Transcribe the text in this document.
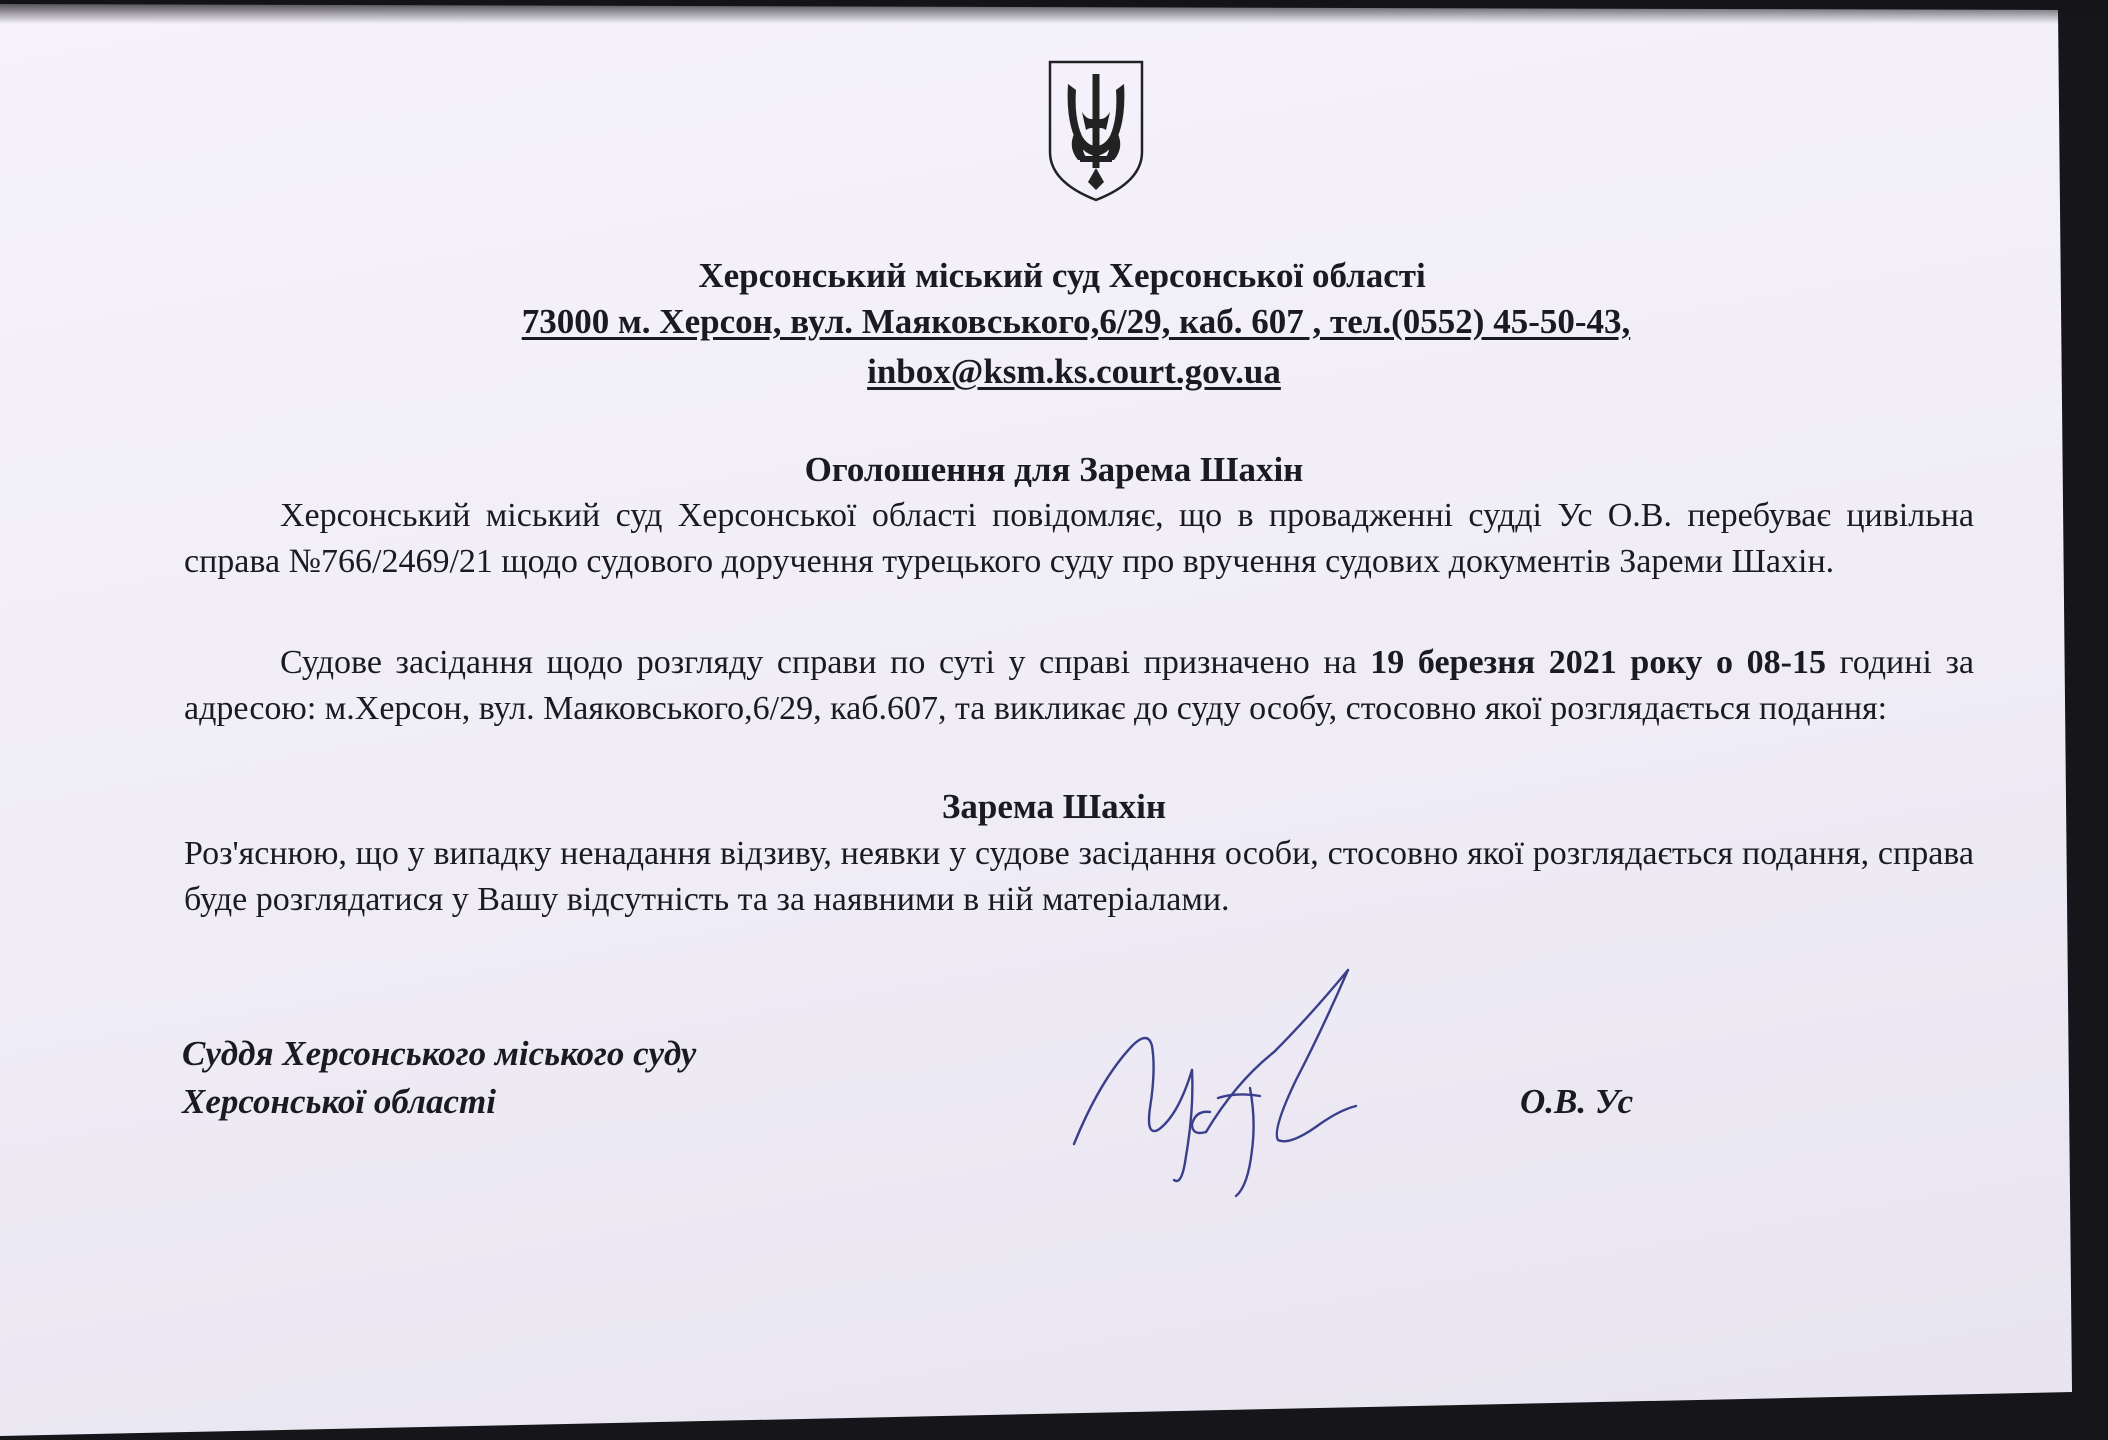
Херсонський міський суд Херсонської області
73000 м. Херсон, вул. Маяковського,6/29, каб. 607 , тел.(0552) 45-50-43,
inbox@ksm.ks.court.gov.ua
Оголошення для Зарема Шахін
Херсонський міський суд Херсонської області повідомляє, що в провадженні судді Ус О.В. перебуває цивільна справа №766/2469/21 щодо судового доручення турецького суду про вручення судових документів Зареми Шахін.
Судове засідання щодо розгляду справи по суті у справі призначено на 19 березня 2021 року о 08-15 годині за адресою: м.Херсон, вул. Маяковського,6/29, каб.607, та викликає до суду особу, стосовно якої розглядається подання:
Зарема Шахін
Роз'яснюю, що у випадку ненадання відзиву, неявки у судове засідання особи, стосовно якої розглядається подання, справа буде розглядатися у Вашу відсутність та за наявними в ній матеріалами.
Суддя Херсонського міського суду
Херсонської області	О.В. Ус
